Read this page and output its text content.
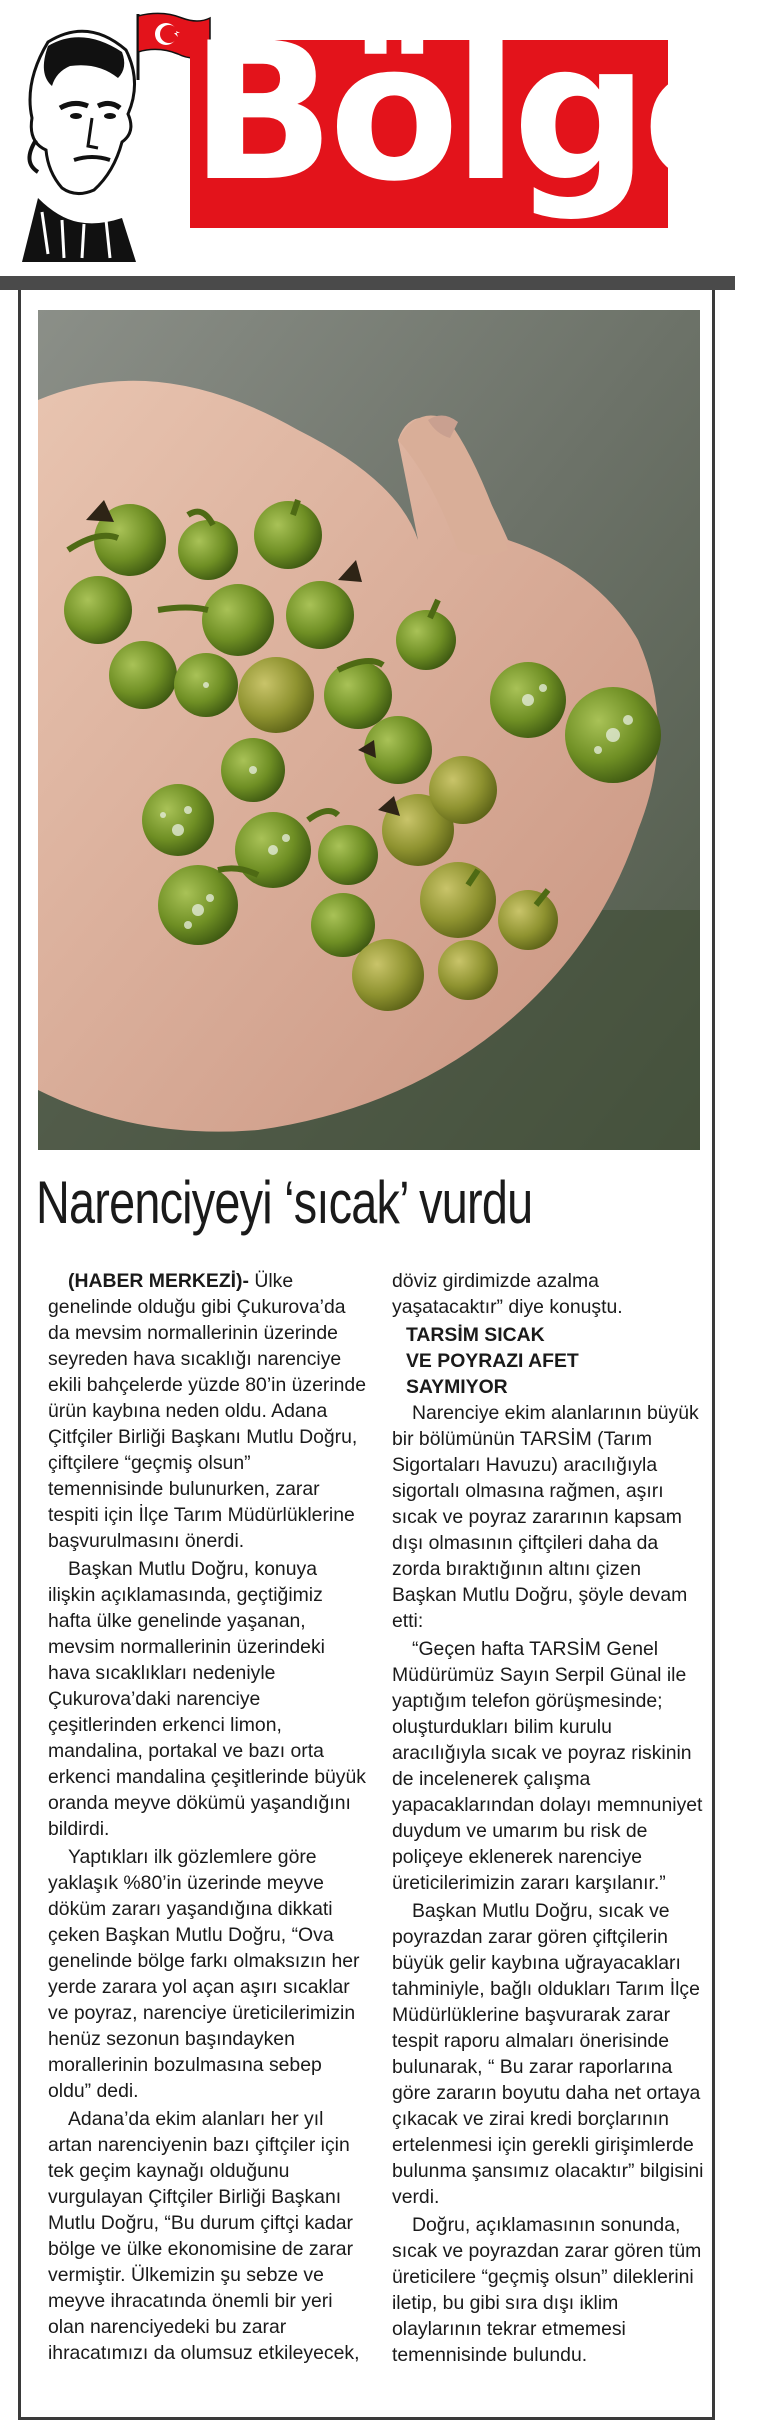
Bölge
Narenciyeyi ‘sıcak’ vurdu

(HABER MERKEZİ)- Ülke genelinde olduğu gibi Çukurova’da da mevsim normallerinin üzerinde seyreden hava sıcaklığı narenciye ekili bahçelerde yüzde 80’in üzerinde ürün kaybına neden oldu. Adana Çitfçiler Birliği Başkanı Mutlu Doğru, çiftçilere “geçmiş olsun” temennisinde bulunurken, zarar tespiti için İlçe Tarım Müdürlüklerine başvurulmasını önerdi.

Başkan Mutlu Doğru, konuya ilişkin açıklamasında, geçtiğimiz hafta ülke genelinde yaşanan, mevsim normallerinin üzerindeki hava sıcaklıkları nedeniyle Çukurova’daki narenciye çeşitlerinden erkenci limon, mandalina, portakal ve bazı orta erkenci mandalina çeşitlerinde büyük oranda meyve dökümü yaşandığını bildirdi.

Yaptıkları ilk gözlemlere göre yaklaşık %80’in üzerinde meyve döküm zararı yaşandığına dikkati çeken Başkan Mutlu Doğru, “Ova genelinde bölge farkı olmaksızın her yerde zarara yol açan aşırı sıcaklar ve poyraz, narenciye üreticilerimizin henüz sezonun başındayken morallerinin bozulmasına sebep oldu” dedi.

Adana’da ekim alanları her yıl artan narenciyenin bazı çiftçiler için tek geçim kaynağı olduğunu vurgulayan Çiftçiler Birliği Başkanı Mutlu Doğru, “Bu durum çiftçi kadar bölge ve ülke ekonomisine de zarar vermiştir. Ülkemizin şu sebze ve meyve ihracatında önemli bir yeri olan narenciyedeki bu zarar ihracatımızı da olumsuz etkileyecek,

döviz girdimizde azalma yaşatacaktır” diye konuştu.

TARSİM SICAK
VE POYRAZI AFET
SAYMIYOR

Narenciye ekim alanlarının büyük bir bölümünün TARSİM (Tarım Sigortaları Havuzu) aracılığıyla sigortalı olmasına rağmen, aşırı sıcak ve poyraz zararının kapsam dışı olmasının çiftçileri daha da zorda bıraktığının altını çizen Başkan Mutlu Doğru, şöyle devam etti:

“Geçen hafta TARSİM Genel Müdürümüz Sayın Serpil Günal ile yaptığım telefon görüşmesinde; oluşturdukları bilim kurulu aracılığıyla sıcak ve poyraz riskinin de incelenerek çalışma yapacaklarından dolayı memnuniyet duydum ve umarım bu risk de poliçeye eklenerek narenciye üreticilerimizin zararı karşılanır.”

Başkan Mutlu Doğru, sıcak ve poyrazdan zarar gören çiftçilerin büyük gelir kaybına uğrayacakları tahminiyle, bağlı oldukları Tarım İlçe Müdürlüklerine başvurarak zarar tespit raporu almaları önerisinde bulunarak, “ Bu zarar raporlarına göre zararın boyutu daha net ortaya çıkacak ve zirai kredi borçlarının ertelenmesi için gerekli girişimlerde bulunma şansımız olacaktır” bilgisini verdi.

Doğru, açıklamasının sonunda, sıcak ve poyrazdan zarar gören tüm üreticilere “geçmiş olsun” dileklerini iletip, bu gibi sıra dışı iklim olaylarının tekrar etmemesi temennisinde bulundu.
